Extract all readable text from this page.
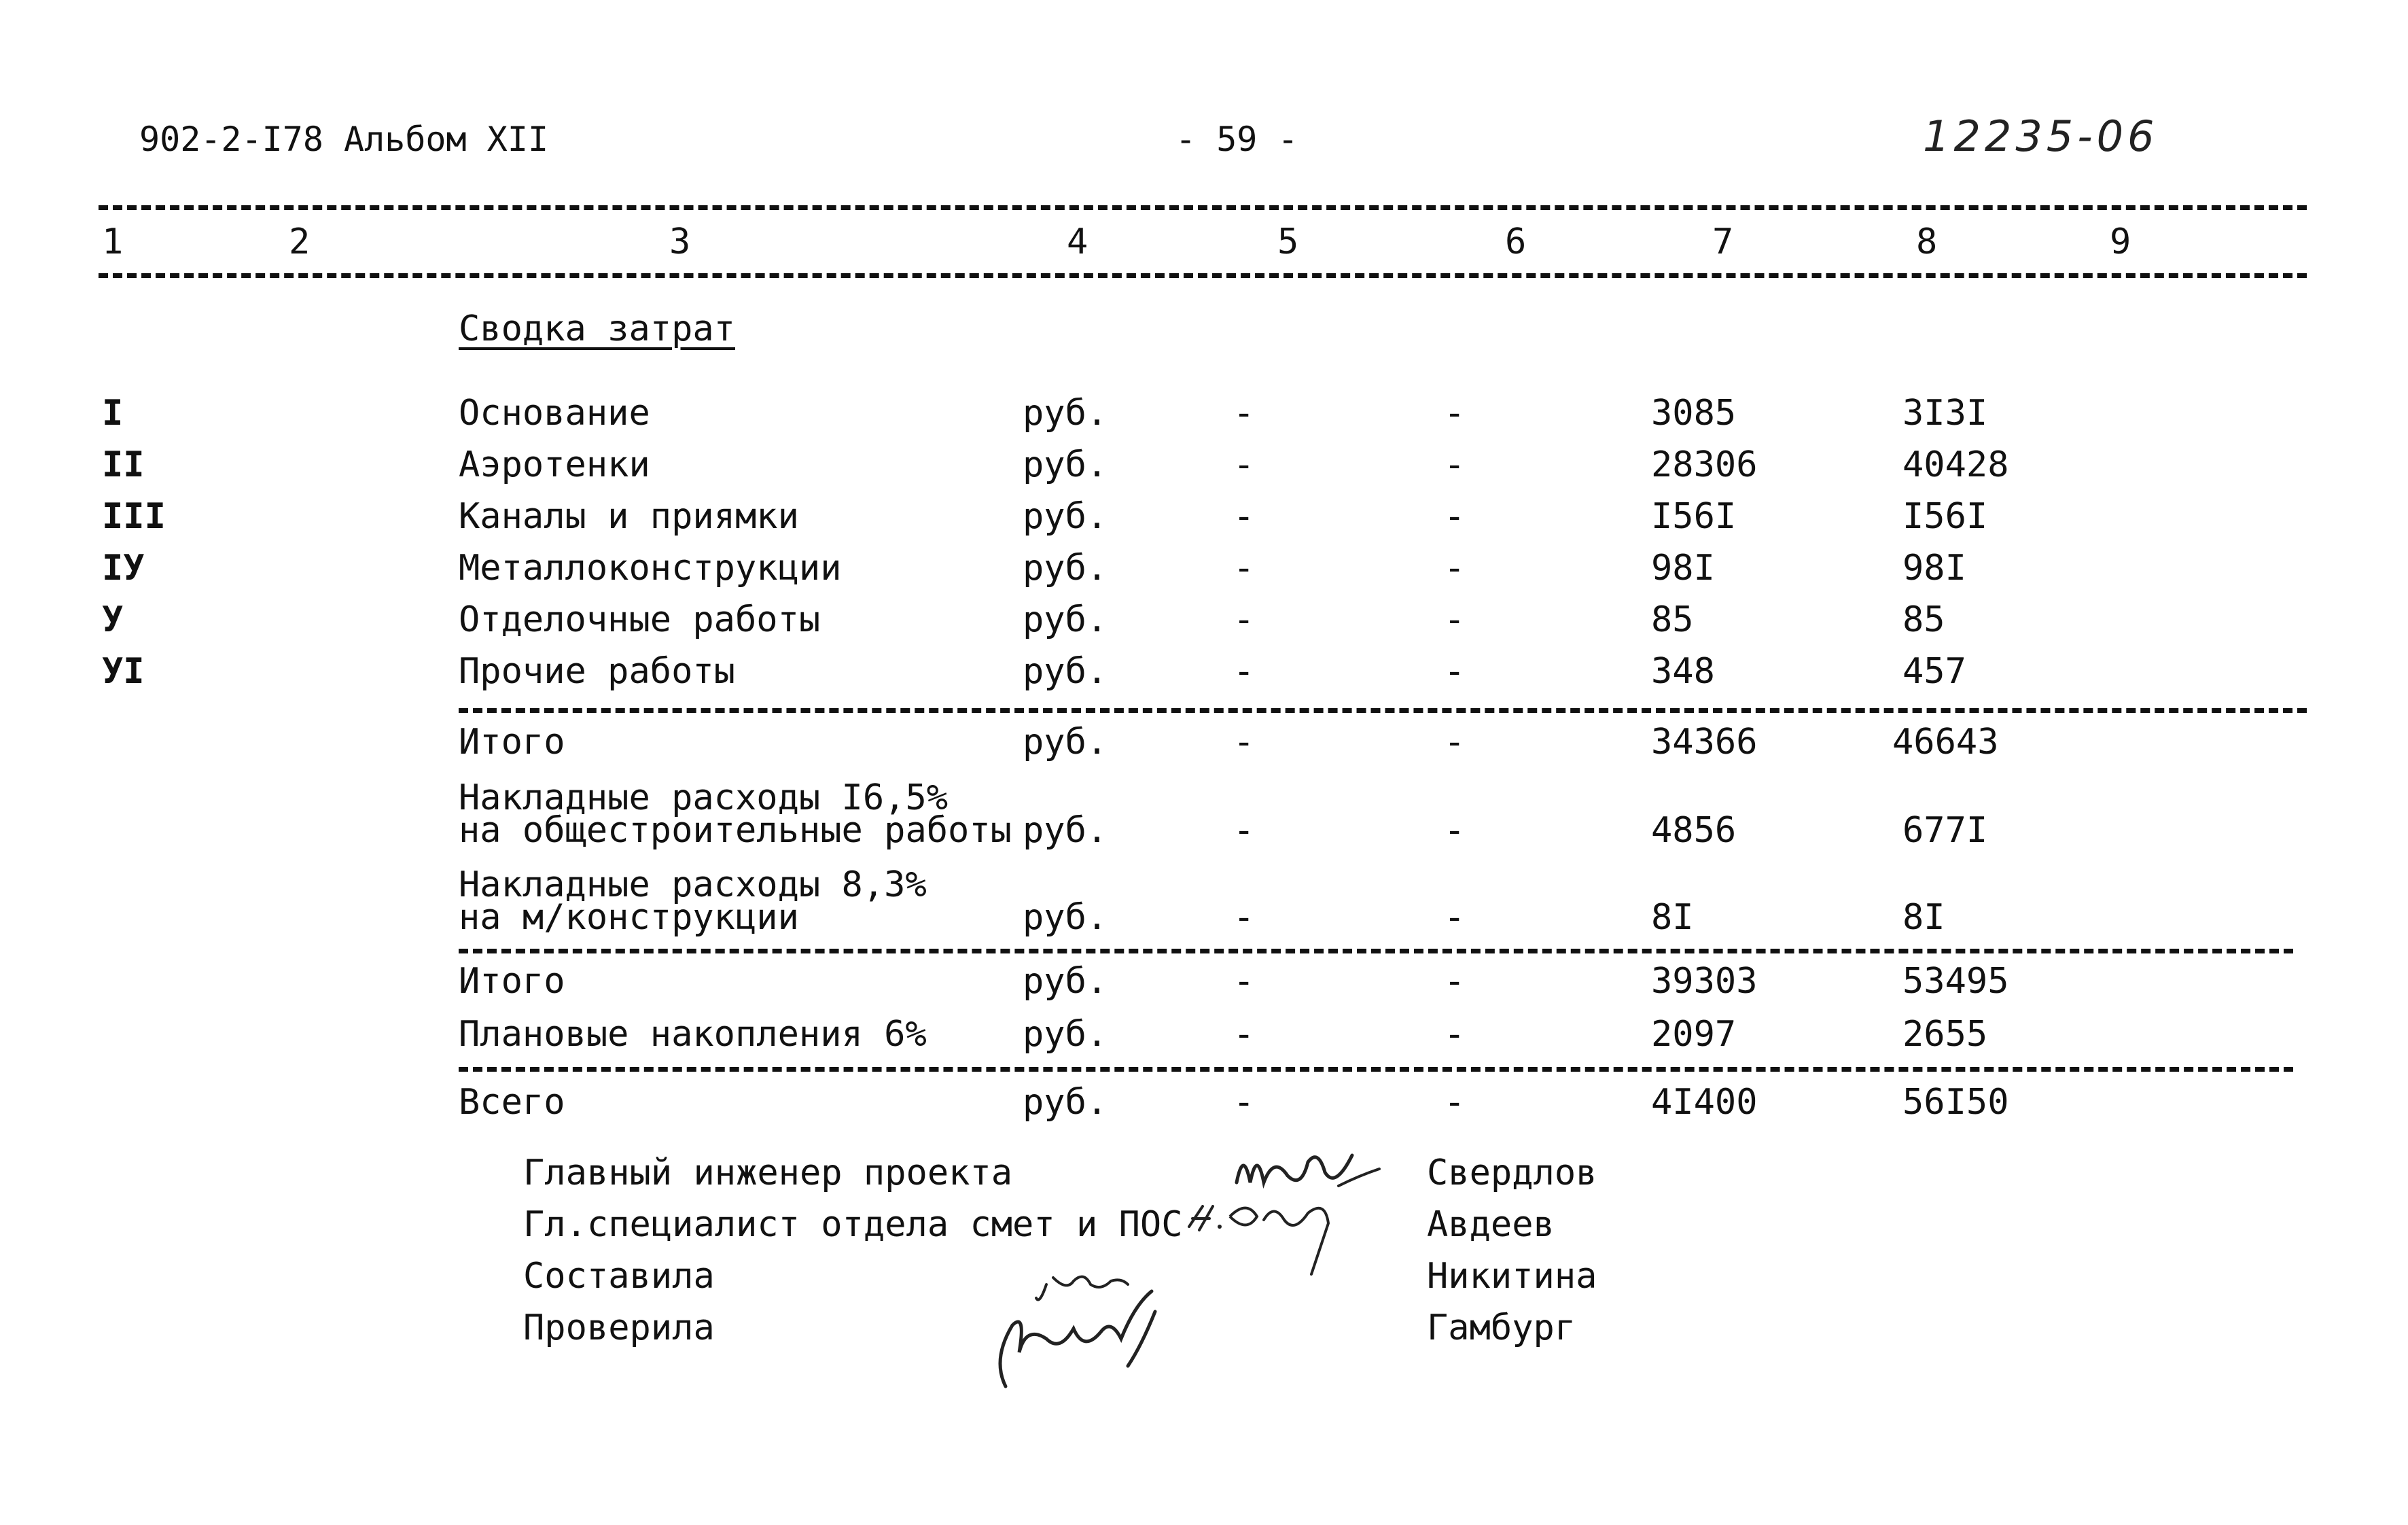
902-2-I78 Альбом XII	- 59 -	12235-06
1	2	3	4	5	6	7	8	9
Сводка затрат
I	Основание	руб.	-	-	3085	3I3I
II	Аэротенки	руб.	-	-	28306	40428
III	Каналы и приямки	руб.	-	-	I56I	I56I
IУ	Металлоконструкции	руб.	-	-	98I	98I
У	Отделочные работы	руб.	-	-	85	85
УI	Прочие работы	руб.	-	-	348	457
Итого	руб.	-	-	34366	46643
Накладные расходы I6,5%
на общестроительные работы руб.	-	-	4856	677I
Накладные расходы 8,3%
на м/конструкции	руб.	-	-	8I	8I
Итого	руб.	-	-	39303	53495
Плановые накопления 6%	руб.	-	-	2097	2655
Всего	руб.	-	-	4I400	56I50
Главный инженер проекта	Свердлов
Гл.специалист отдела смет и ПОС	Авдеев
Составила	Никитина
Проверила	Гамбург
